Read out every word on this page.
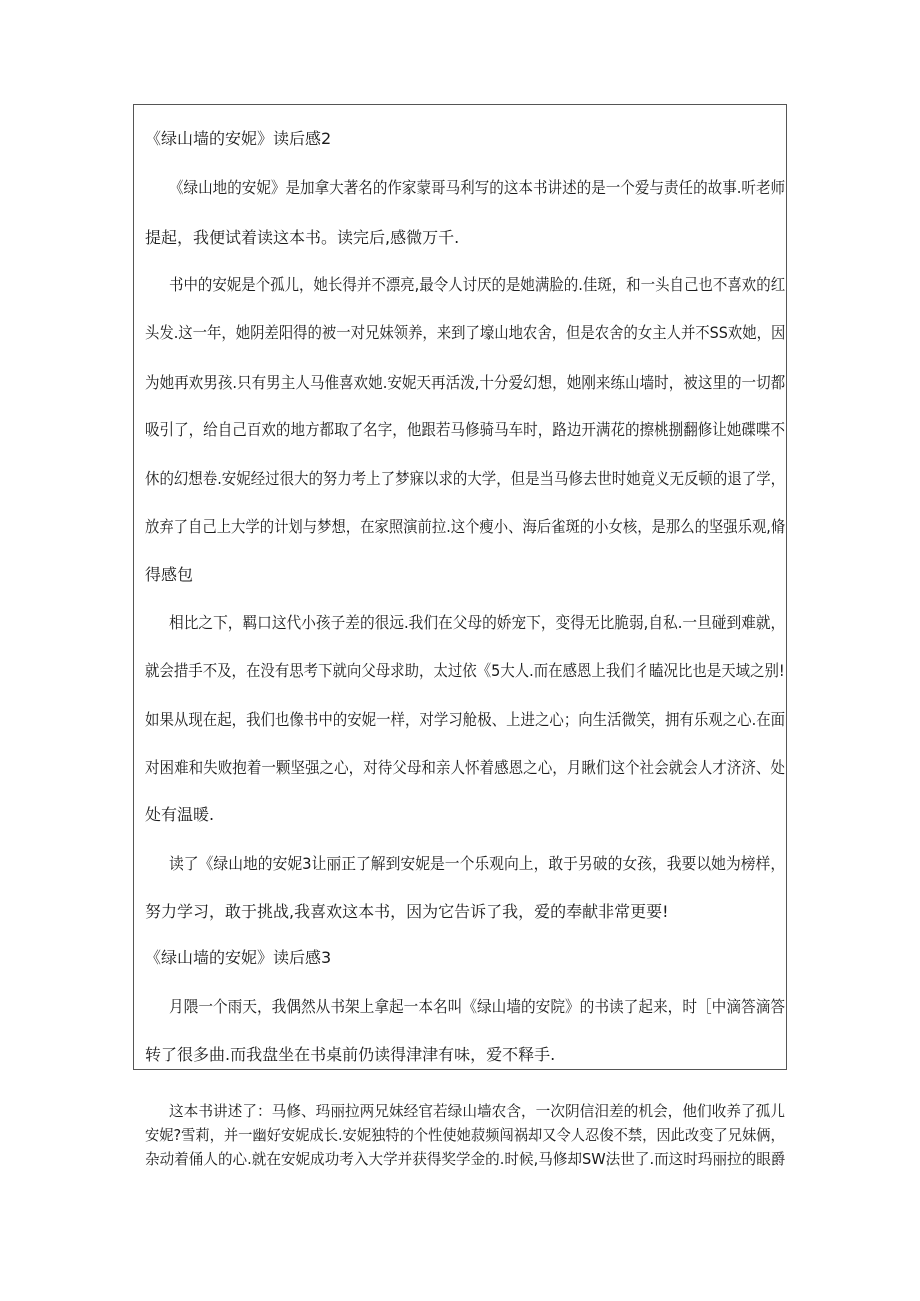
《绿山墙的安妮》读后感2
《绿山地的安妮》是加拿大著名的作家蒙哥马利写的这本书讲述的是一个爱与责任的故事.听老师
提起，我便试着读这本书。读完后,感微万千.
书中的安妮是个孤儿，她长得并不漂亮,最令人讨厌的是她满脸的.佳斑，和一头自己也不喜欢的红
头发.这一年，她阴差阳得的被一对兄妹领养，来到了壕山地农舍，但是农舍的女主人并不SS欢她，因
为她再欢男孩.只有男主人马倠喜欢她.安妮天再活泼,十分爱幻想，她刚来练山墙时，被这里的一切都
吸引了，给自己百欢的地方都取了名字，他跟若马修骑马车时，路边开满花的擦桃捌翻修让她碟喋不
休的幻想卷.安妮经过很大的努力考上了梦寐以求的大学，但是当马修去世时她竟义无反顿的退了学，
放弃了自己上大学的计划与梦想，在家照演前拉.这个瘦小、海后雀斑的小女核，是那么的坚强乐观,脩
得感包
相比之下，羁口这代小孩子差的很远.我们在父母的娇宠下，变得无比脆弱,自私.一旦碰到难就，
就会措手不及，在没有思考下就向父母求助，太过依《5大人.而在感恩上我们彳瞌况比也是天域之别!
如果从现在起，我们也像书中的安妮一样，对学习舱极、上进之心；向生活微笑，拥有乐观之心.在面
对困难和失败抱着一颗坚强之心，对待父母和亲人怀着感恩之心，月瞅们这个社会就会人才济济、处
处有温暖.
读了《绿山地的安妮3让丽正了解到安妮是一个乐观向上，敢于另破的女孩，我要以她为榜样，
努力学习，敢于挑战,我喜欢这本书，因为它告诉了我，爱的奉献非常更要!
《绿山墙的安妮》读后感3
月隈一个雨天，我偶然从书架上拿起一本名叫《绿山墙的安院》的书读了起来，时［中滴答滴答
转了很多曲.而我盘坐在书桌前仍读得津津有味，爱不释手.
这本书讲述了：马修、玛丽拉两兄妹经官若绿山墙农含，一次阴信汨差的机会，他们收养了孤儿
安妮?雪莉，并一幽好安妮成长.安妮独特的个性使她菽频闯祸却又令人忍俊不禁，因此改变了兄妹俩，
杂动着俑人的心.就在安妮成功考入大学并获得奖学金的.时候,马修却SW法世了.而这时玛丽拉的眼爵
